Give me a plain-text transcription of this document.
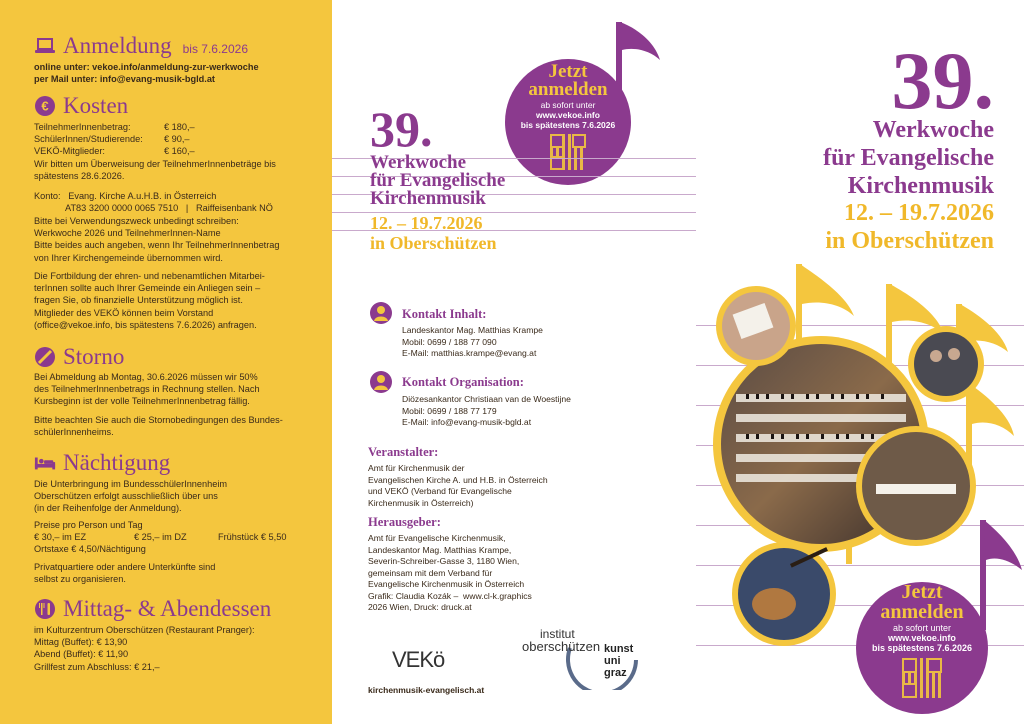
Anmeldung bis 7.6.2026
online unter: vekoe.info/anmeldung-zur-werkwoche
per Mail unter: info@evang-musik-bgld.at
€ Kosten
TeilnehmerInnenbetrag:	€ 180,–
SchülerInnen/Studierende: € 90,–
VEKÖ-Mitglieder:	€ 160,–
Wir bitten um Überweisung der TeilnehmerInnenbeträge bis
spätestens 28.6.2026.
Konto:   Evang. Kirche A.u.H.B. in Österreich
AT83 3200 0000 0065 7510   |   Raiffeisenbank NÖ
Bitte bei Verwendungszweck unbedingt schreiben:
Werkwoche 2026 und TeilnehmerInnen-Name
Bitte beides auch angeben, wenn Ihr TeilnehmerInnenbetrag
von Ihrer Kirchengemeinde übernommen wird.
Die Fortbildung der ehren- und nebenamtlichen Mitarbei-
terInnen sollte auch Ihrer Gemeinde ein Anliegen sein –
fragen Sie, ob finanzielle Unterstützung möglich ist.
Mitglieder des VEKÖ können beim Vorstand
(office@vekoe.info, bis spätestens 7.6.2026) anfragen.
Storno
Bei Abmeldung ab Montag, 30.6.2026 müssen wir 50%
des TeilnehmerInnenbetrags in Rechnung stellen. Nach
Kursbeginn ist der volle TeilnehmerInnenbetrag fällig.
Bitte beachten Sie auch die Stornobedingungen des Bundes-
schülerInnenheims.
Nächtigung
Die Unterbringung im BundesschülerInnenheim
Oberschützen erfolgt ausschließlich über uns
(in der Reihenfolge der Anmeldung).
Preise pro Person und Tag
€ 30,– im EZ	€ 25,– im DZ	Frühstück € 5,50
Ortstaxe € 4,50/Nächtigung
Privatquartiere oder andere Unterkünfte sind
selbst zu organisieren.
Mittag- & Abendessen
im Kulturzentrum Oberschützen (Restaurant Pranger):
Mittag (Buffet): € 13,90
Abend (Buffet): € 11,90
Grillfest zum Abschluss: € 21,–
Jetzt
anmelden
ab sofort unter
www.vekoe.info
bis spätestens 7.6.2026
39.
Werkwoche
für Evangelische
Kirchenmusik
12. – 19.7.2026
in Oberschützen
Kontakt Inhalt:
Landeskantor Mag. Matthias Krampe
Mobil: 0699 / 188 77 090
E-Mail: matthias.krampe@evang.at
Kontakt Organisation:
Diözesankantor Christiaan van de Woestijne
Mobil: 0699 / 188 77 179
E-Mail: info@evang-musik-bgld.at
Veranstalter:
Amt für Kirchenmusik der
Evangelischen Kirche A. und H.B. in Österreich
und VEKÖ (Verband für Evangelische
Kirchenmusik in Österreich)
Herausgeber:
Amt für Evangelische Kirchenmusik,
Landeskantor Mag. Matthias Krampe,
Severin-Schreiber-Gasse 3, 1180 Wien,
gemeinsam mit dem Verband für
Evangelische Kirchenmusik in Österreich
Grafik: Claudia Kozák –  www.cl-k.graphics
2026 Wien, Druck: druck.at
VEKö
kirchenmusik-evangelisch.at
institut
oberschützen kunst
uni
graz
39.
Werkwoche
für Evangelische
Kirchenmusik
12. – 19.7.2026
in Oberschützen
Jetzt
anmelden
ab sofort unter
www.vekoe.info
bis spätestens 7.6.2026
